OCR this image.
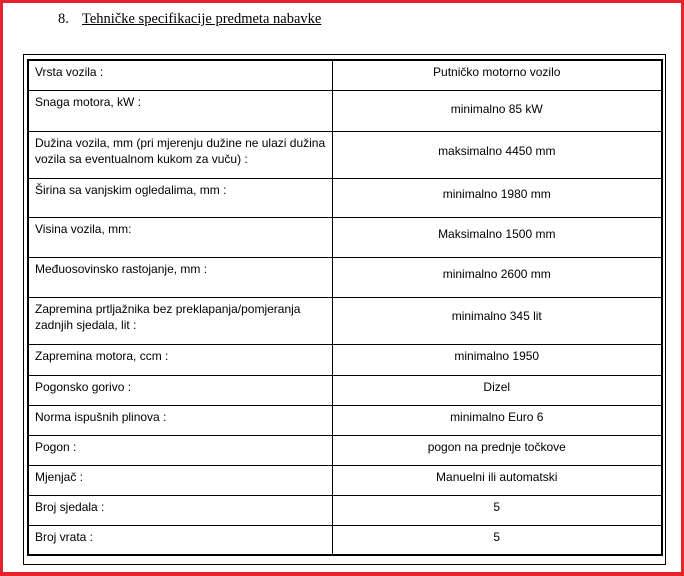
8. Tehničke specifikacije predmeta nabavke
Vrsta vozila :	Putničko motorno vozilo

Snaga motora, kW :	minimalno 85 kW

Dužina vozila, mm (pri mjerenju dužine ne ulazi dužina vozila sa eventualnom kukom za vuču) :	maksimalno 4450 mm

Širina sa vanjskim ogledalima, mm :	minimalno 1980 mm

Visina vozila, mm:	Maksimalno 1500 mm

Međuosovinsko rastojanje, mm :	minimalno 2600 mm

Zapremina prtljažnika bez preklapanja/pomjeranja zadnjih sjedala, lit :	minimalno 345 lit

Zapremina motora, ccm :	minimalno 1950

Pogonsko gorivo :	Dizel

Norma ispušnih plinova :	minimalno Euro 6

Pogon :	pogon na prednje točkove

Mjenjač :	Manuelni ili automatski

Broj sjedala :	5

Broj vrata :	5
